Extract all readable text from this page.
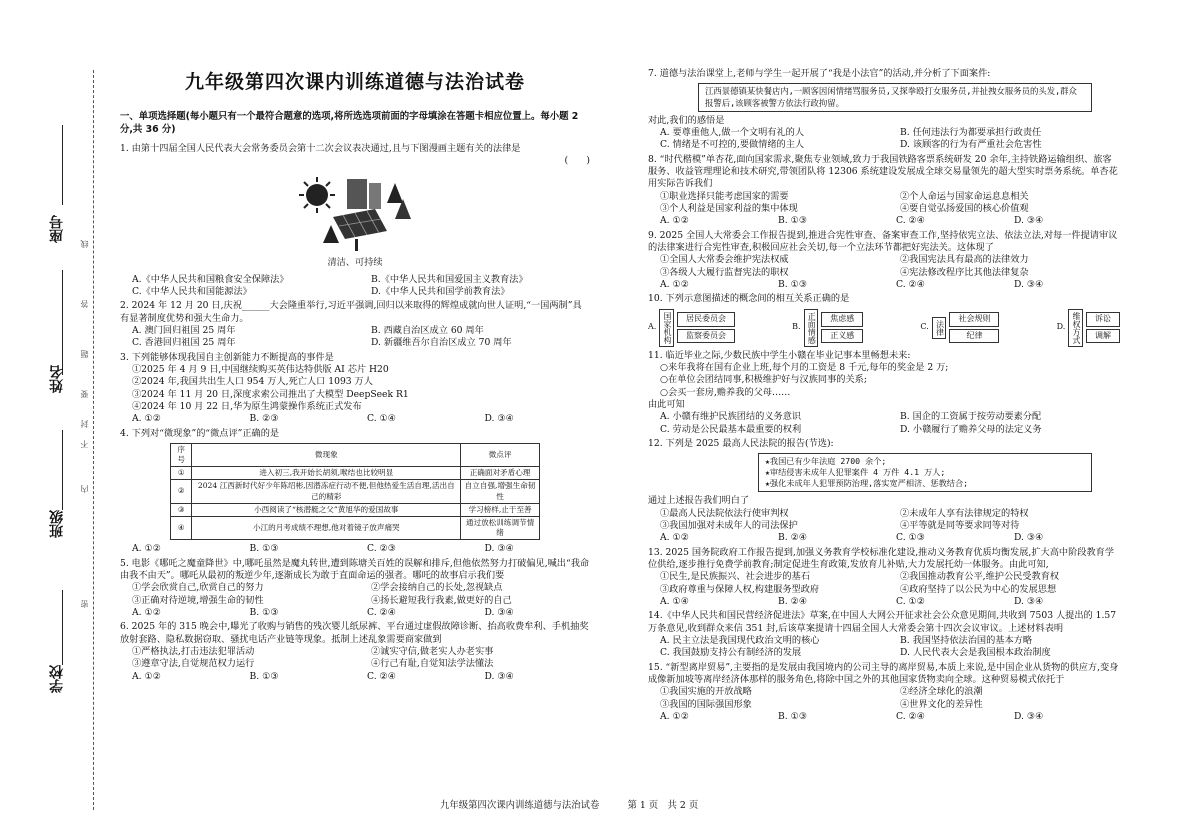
座号
姓名
班级
学校
线
答
题
要
不
内
封
密
九年级第四次课内训练道德与法治试卷
一、单项选择题(每小题只有一个最符合题意的选项,将所选选项前面的字母填涂在答题卡相应位置上。每小题 2 分,共 36 分)
1. 由第十四届全国人民代表大会常务委员会第十二次会议表决通过,且与下图漫画主题有关的法律是
(　　)
清洁、可持续
A.《中华人民共和国粮食安全保障法》	B.《中华人民共和国爱国主义教育法》
C.《中华人民共和国能源法》	D.《中华人民共和国学前教育法》
2. 2024 年 12 月 20 日,庆祝______大会隆重举行,习近平强调,回归以来取得的辉煌成就向世人证明,“一国两制”具有显著制度优势和强大生命力。
A. 澳门回归祖国 25 周年	B. 西藏自治区成立 60 周年
C. 香港回归祖国 25 周年	D. 新疆维吾尔自治区成立 70 周年
3. 下列能够体现我国自主创新能力不断提高的事件是
①2025 年 4 月 9 日,中国继续购买英伟达特供版 AI 芯片 H20
②2024 年,我国共出生人口 954 万人,死亡人口 1093 万人
③2024 年 11 月 20 日,深度求索公司推出了大模型 DeepSeek R1
④2024 年 10 月 22 日,华为原生鸿蒙操作系统正式发布
A. ①②	B. ②③	C. ①④	D. ③④
4. 下列对“微现象”的“微点评”正确的是
序号	微现象	微点评
①	进入初三,我开始长胡须,喉结也比较明显	正确面对矛盾心理
②	2024 江西新时代好少年陈绍彬,因潜冻症行动不便,但他热爱生活自理,活出自己的精彩	自立自强,增强生命韧性
③	小西阅读了“核潜艇之父”黄旭华的爱国故事	学习榜样,止于至善
④	小江的月考成绩不理想,他对着镜子放声痛哭	通过放松训练调节情绪
A. ①②	B. ①③	C. ②③	D. ③④
5. 电影《哪吒之魔童降世》中,哪吒虽然是魔丸转世,遭到陈塘关百姓的误解和排斥,但他依然努力打破偏见,喊出“我命由我不由天”。哪吒从最初的叛逆少年,逐渐成长为敢于直面命运的强者。哪吒的故事启示我们要
①学会欣赏自己,欣赏自己的努力	②学会接纳自己的长处,忽视缺点
③正确对待逆境,增强生命的韧性	④扬长避短我行我素,做更好的自己
A. ①②	B. ①③	C. ②④	D. ③④
6. 2025 年的 315 晚会中,曝光了收购与销售的残次婴儿纸尿裤、平台通过虚假故障诊断、抬高收费牟利、手机抽奖放射套路、隐私数据窃取、骚扰电话产业链等现象。抵制上述乱象需要商家做到
①严格执法,打击违法犯罪活动	②诚实守信,做老实人办老实事
③遵章守法,自觉规范权力运行	④行己有耻,自觉知法学法懂法
A. ①②	B. ①③	C. ②④	D. ③④
7. 道德与法治课堂上,老师与学生一起开展了“我是小法官”的活动,并分析了下面案件:
江西景德镇某快餐店内,一顾客因闲情绪骂服务员,又探拳殴打女服务员,并扯拽女服务员的头发,群众报警后,该顾客被警方依法行政拘留。
对此,我们的感悟是
A. 要尊重他人,做一个文明有礼的人	B. 任何违法行为都要承担行政责任
C. 情绪是不可控的,要做情绪的主人	D. 该顾客的行为有严重社会危害性
8. “时代楷模”单杏花,面向国家需求,聚焦专业领域,致力于我国铁路客票系统研发 20 余年,主持铁路运输组织、旅客服务、收益管理理论和技术研究,带领团队将 12306 系统建设发展成全球交易量领先的超大型实时票务系统。单杏花用实际告诉我们
①职业选择只能考虑国家的需要	②个人命运与国家命运息息相关
③个人利益是国家利益的集中体现	④要自觉弘扬爱国的核心价值观
A. ①②	B. ①③	C. ②④	D. ③④
9. 2025 全国人大常委会工作报告提到,推进合宪性审查、备案审查工作,坚持依宪立法、依法立法,对每一件提请审议的法律案进行合宪性审查,积极回应社会关切,每一个立法环节都把好宪法关。这体现了
①全国人大常委会维护宪法权威	②我国宪法具有最高的法律效力
③各级人大履行监督宪法的职权	④宪法修改程序比其他法律复杂
A. ①②	B. ①③	C. ②④	D. ③④
10. 下列示意图描述的概念间的相互关系正确的是
A. 国家机构	居民委员会
监察委员会
B. 正面情感	焦虑感
正义感
C. 法律
社会规则
纪律
D. 维权方式	诉讼
调解
11. 临近毕业之际,少数民族中学生小赣在毕业记事本里畅想未来:
○来年我将在国有企业上班,每个月的工资是 8 千元,每年的奖金是 2 万;
○在单位会团结同事,积极维护好与汉族同事的关系;
○会买一套房,赡养我的父母……
由此可知
A. 小赣有维护民族团结的义务意识	B. 国企的工资属于按劳动要素分配
C. 劳动是公民最基本最重要的权利	D. 小赣履行了赡养父母的法定义务
12. 下列是 2025 最高人民法院的报告(节选):
★我国已有少年法庭 2700 余个;
★审结侵害未成年人犯罪案件 4 万件 4.1 万人;
★强化未成年人犯罪预防治理,落实宽严相济、惩教结合;
通过上述报告我们明白了
①最高人民法院依法行使审判权	②未成年人享有法律规定的特权
③我国加强对未成年人的司法保护	④平等就是同等要求同等对待
A. ①②	B. ②④	C. ①③	D. ③④
13. 2025 国务院政府工作报告提到,加强义务教育学校标准化建设,推动义务教育优质均衡发展,扩大高中阶段教育学位供给,逐步推行免费学前教育;制定促进生育政策,发放育儿补贴,大力发展托幼一体服务。由此可知,
①民生,是民族振兴、社会进步的基石	②我国推动教育公平,维护公民受教育权
③政府尊重与保障人权,构建服务型政府	④政府坚持了以公民为中心的发展思想
A. ①④	B. ②④	C. ①②	D. ③④
14.《中华人民共和国民营经济促进法》草案,在中国人大网公开征求社会公众意见期间,共收到 7503 人提出的 1.57 万条意见,收到群众来信 351 封,后该草案提请十四届全国人大常委会第十四次会议审议。上述材料表明
A. 民主立法是我国现代政治文明的核心	B. 我国坚持依法治国的基本方略
C. 我国鼓励支持公有制经济的发展	D. 人民代表大会是我国根本政治制度
15. “新型离岸贸易”,主要指的是发展由我国境内的公司主导的离岸贸易,本质上来说,是中国企业从货物的供应方,变身成像新加坡等离岸经济体那样的服务角色,将除中国之外的其他国家货物卖向全球。这种贸易模式依托于
①我国实施的开放战略	②经济全球化的浪潮
③我国的国际强国形象	④世界文化的差异性
A. ①②	B. ①③	C. ②④	D. ③④
九年级第四次课内训练道德与法治试卷　　　第 1 页　共 2 页
